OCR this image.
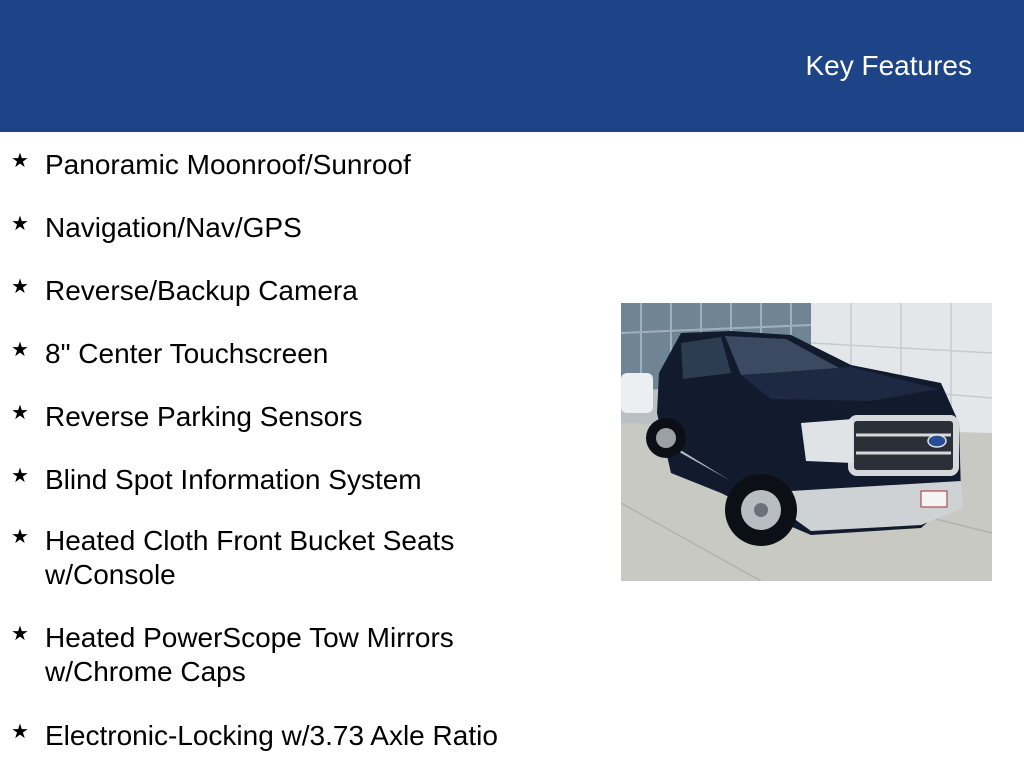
Key Features
★ Panoramic Moonroof/Sunroof
★ Navigation/Nav/GPS
★ Reverse/Backup Camera
★ 8" Center Touchscreen
★ Reverse Parking Sensors
★ Blind Spot Information System
★ Heated Cloth Front Bucket Seats
w/Console
★ Heated PowerScope Tow Mirrors
w/Chrome Caps
★ Electronic-Locking w/3.73 Axle Ratio
